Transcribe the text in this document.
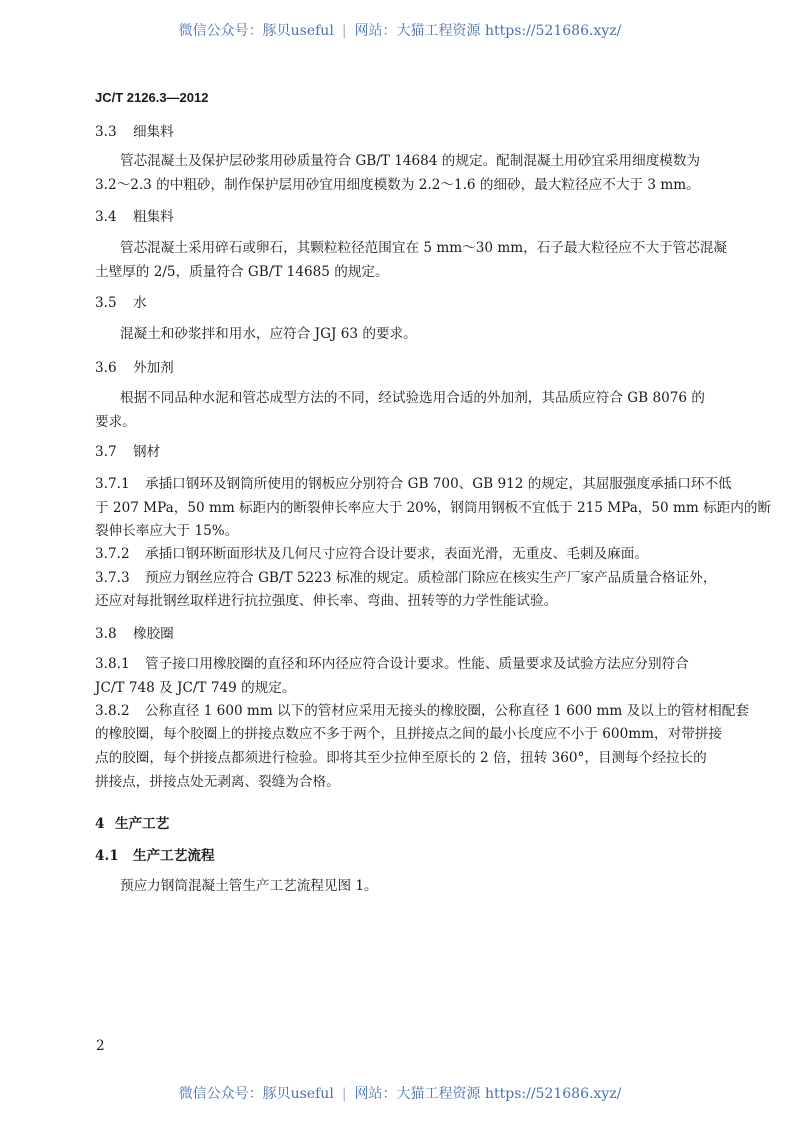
微信公众号：豚贝useful | 网站：大猫工程资源 https://521686.xyz/
JC/T 2126.3—2012
3.3 细集料
管芯混凝土及保护层砂浆用砂质量符合 GB/T 14684 的规定。配制混凝土用砂宜采用细度模数为
3.2～2.3 的中粗砂，制作保护层用砂宜用细度模数为 2.2～1.6 的细砂，最大粒径应不大于 3 mm。
3.4 粗集料
管芯混凝土采用碎石或卵石，其颗粒粒径范围宜在 5 mm～30 mm，石子最大粒径应不大于管芯混凝
土壁厚的 2/5，质量符合 GB/T 14685 的规定。
3.5 水
混凝土和砂浆拌和用水，应符合 JGJ 63 的要求。
3.6 外加剂
根据不同品种水泥和管芯成型方法的不同，经试验选用合适的外加剂，其品质应符合 GB 8076 的
要求。
3.7 钢材
3.7.1 承插口钢环及钢筒所使用的钢板应分别符合 GB 700、GB 912 的规定，其屈服强度承插口环不低
于 207 MPa，50 mm 标距内的断裂伸长率应大于 20%，钢筒用钢板不宜低于 215 MPa，50 mm 标距内的断
裂伸长率应大于 15%。
3.7.2 承插口钢环断面形状及几何尺寸应符合设计要求，表面光滑，无重皮、毛刺及麻面。
3.7.3 预应力钢丝应符合 GB/T 5223 标准的规定。质检部门除应在核实生产厂家产品质量合格证外，
还应对每批钢丝取样进行抗拉强度、伸长率、弯曲、扭转等的力学性能试验。
3.8 橡胶圈
3.8.1 管子接口用橡胶圈的直径和环内径应符合设计要求。性能、质量要求及试验方法应分别符合
JC/T 748 及 JC/T 749 的规定。
3.8.2 公称直径 1 600 mm 以下的管材应采用无接头的橡胶圈，公称直径 1 600 mm 及以上的管材相配套
的橡胶圈，每个胶圈上的拼接点数应不多于两个，且拼接点之间的最小长度应不小于 600mm，对带拼接
点的胶圈，每个拼接点都须进行检验。即将其至少拉伸至原长的 2 倍，扭转 360°，目测每个经拉长的
拼接点，拼接点处无剥离、裂缝为合格。
4 生产工艺
4.1 生产工艺流程
预应力钢筒混凝土管生产工艺流程见图 1。
2
微信公众号：豚贝useful | 网站：大猫工程资源 https://521686.xyz/
